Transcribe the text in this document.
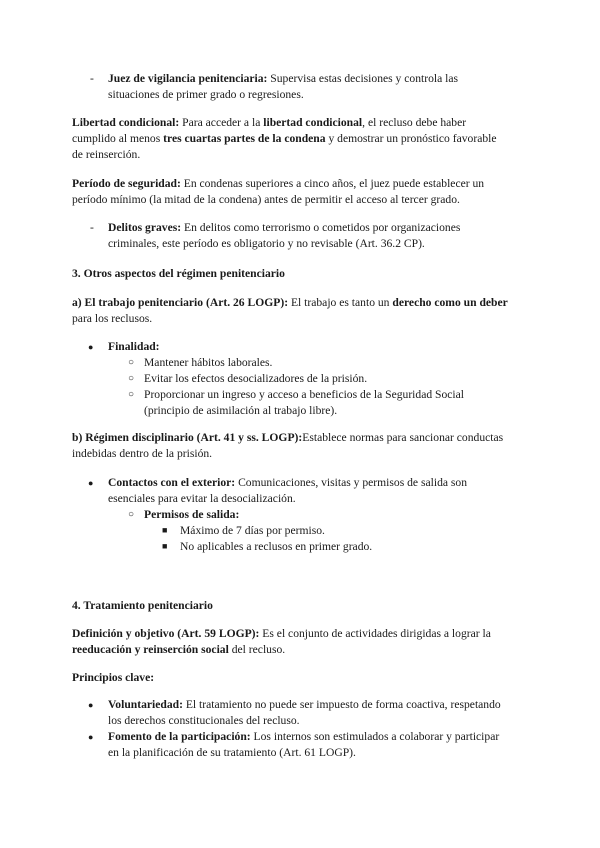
- Juez de vigilancia penitenciaria: Supervisa estas decisiones y controla las
situaciones de primer grado o regresiones.
Libertad condicional: Para acceder a la libertad condicional, el recluso debe haber
cumplido al menos tres cuartas partes de la condena y demostrar un pronóstico favorable
de reinserción.
Período de seguridad: En condenas superiores a cinco años, el juez puede establecer un
período mínimo (la mitad de la condena) antes de permitir el acceso al tercer grado.
- Delitos graves: En delitos como terrorismo o cometidos por organizaciones
criminales, este período es obligatorio y no revisable (Art. 36.2 CP).
3. Otros aspectos del régimen penitenciario
a) El trabajo penitenciario (Art. 26 LOGP): El trabajo es tanto un derecho como un deber
para los reclusos.
● Finalidad:
○ Mantener hábitos laborales.
○ Evitar los efectos desocializadores de la prisión.
○ Proporcionar un ingreso y acceso a beneficios de la Seguridad Social
(principio de asimilación al trabajo libre).
b) Régimen disciplinario (Art. 41 y ss. LOGP):Establece normas para sancionar conductas
indebidas dentro de la prisión.
● Contactos con el exterior: Comunicaciones, visitas y permisos de salida son
esenciales para evitar la desocialización.
○ Permisos de salida:
■ Máximo de 7 días por permiso.
■ No aplicables a reclusos en primer grado.
4. Tratamiento penitenciario
Definición y objetivo (Art. 59 LOGP): Es el conjunto de actividades dirigidas a lograr la
reeducación y reinserción social del recluso.
Principios clave:
● Voluntariedad: El tratamiento no puede ser impuesto de forma coactiva, respetando
los derechos constitucionales del recluso.
● Fomento de la participación: Los internos son estimulados a colaborar y participar
en la planificación de su tratamiento (Art. 61 LOGP).
